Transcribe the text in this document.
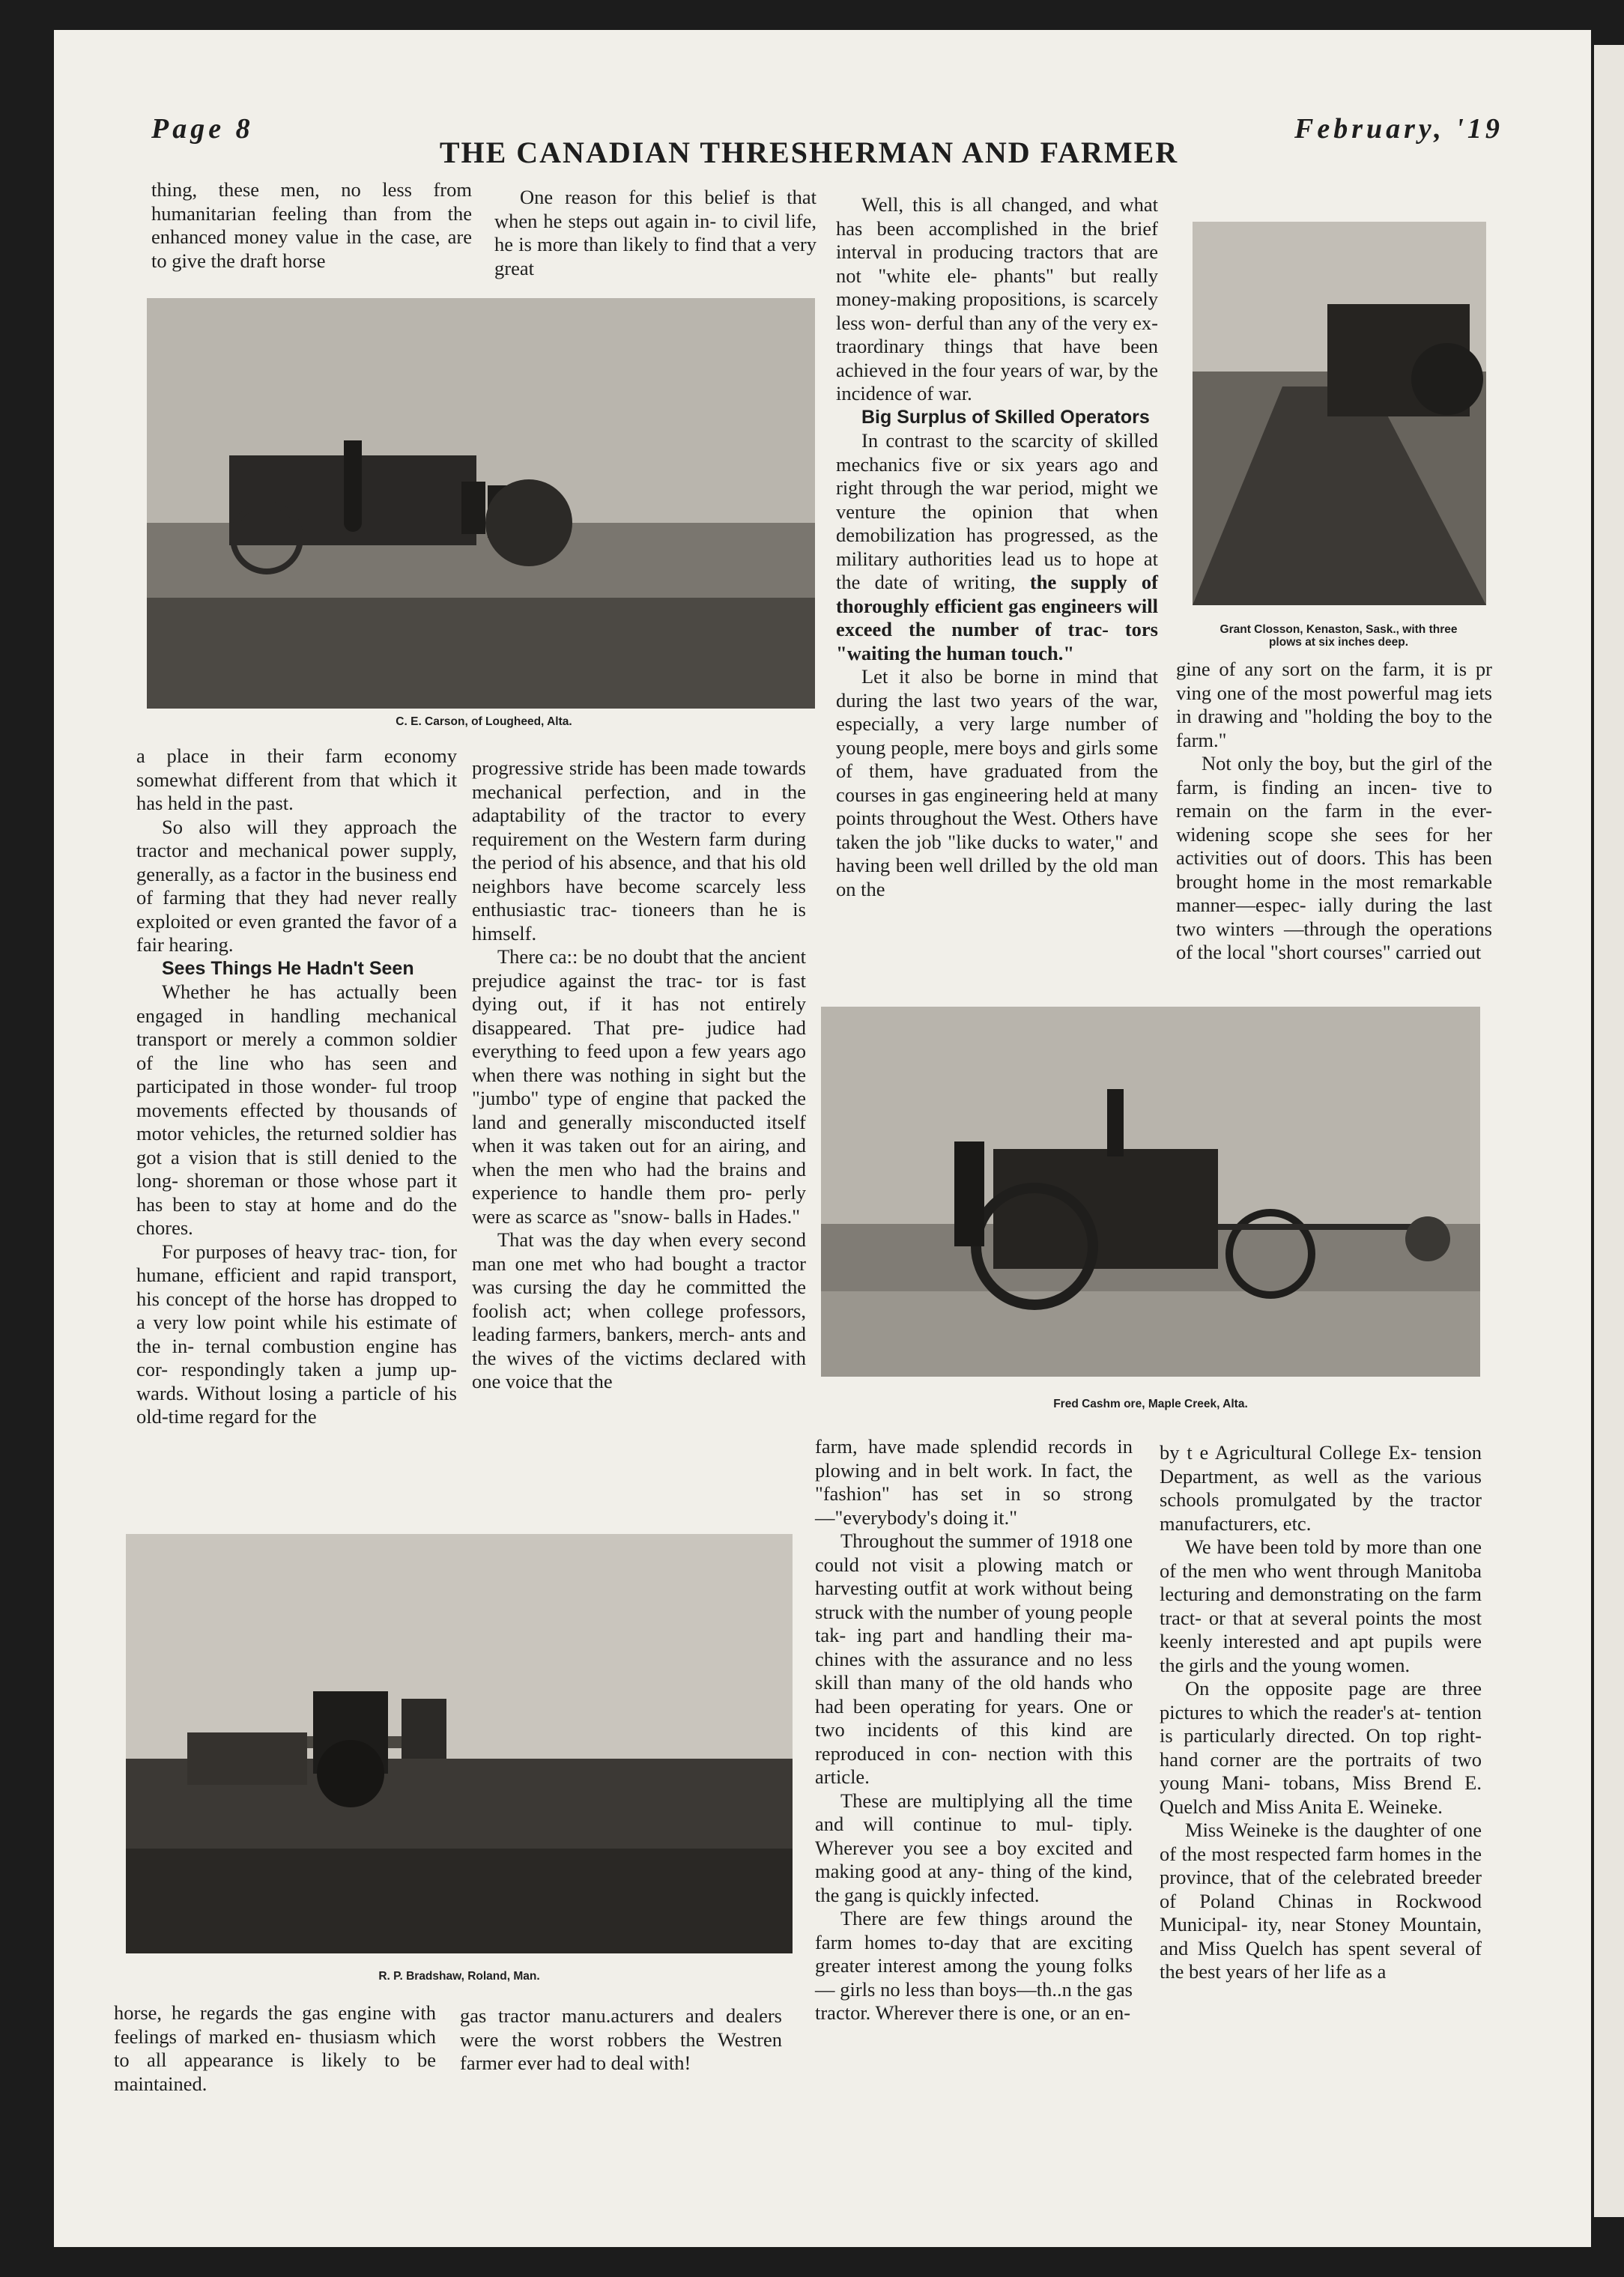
Page 8
THE CANADIAN THRESHERMAN AND FARMER
February, '19

thing, these men, no less from humanitarian feeling than from the enhanced money value in the case, are to give the draft horse

One reason for this belief is that when he steps out again in- to civil life, he is more than likely to find that a very great

Well, this is all changed, and what has been accomplished in the brief interval in producing tractors that are not "white ele- phants" but really money-making propositions, is scarcely less won- derful than any of the very ex- traordinary things that have been achieved in the four years of war, by the incidence of war.

Big Surplus of Skilled Operators

In contrast to the scarcity of skilled mechanics five or six years ago and right through the war period, might we venture the opinion that when demobilization has progressed, as the military authorities lead us to hope at the date of writing, the supply of thoroughly efficient gas engineers will exceed the number of trac- tors "waiting the human touch."

Let it also be borne in mind that during the last two years of the war, especially, a very large number of young people, mere boys and girls some of them, have graduated from the courses in gas engineering held at many points throughout the West. Others have taken the job "like ducks to water," and having been well drilled by the old man on the

gine of any sort on the farm, it is pr ving one of the most powerful mag iets in drawing and "holding the boy to the farm."

Not only the boy, but the girl of the farm, is finding an incen- tive to remain on the farm in the ever-widening scope she sees for her activities out of doors. This has been brought home in the most remarkable manner—espec- ially during the last two winters —through the operations of the local "short courses" carried out

C. E. Carson, of Lougheed, Alta.
Grant Closson, Kenaston, Sask., with three
plows at six inches deep.

a place in their farm economy somewhat different from that which it has held in the past.

So also will they approach the tractor and mechanical power supply, generally, as a factor in the business end of farming that they had never really exploited or even granted the favor of a fair hearing.

Sees Things He Hadn't Seen

Whether he has actually been engaged in handling mechanical transport or merely a common soldier of the line who has seen and participated in those wonder- ful troop movements effected by thousands of motor vehicles, the returned soldier has got a vision that is still denied to the long- shoreman or those whose part it has been to stay at home and do the chores.

For purposes of heavy trac- tion, for humane, efficient and rapid transport, his concept of the horse has dropped to a very low point while his estimate of the in- ternal combustion engine has cor- respondingly taken a jump up- wards. Without losing a particle of his old-time regard for the

progressive stride has been made towards mechanical perfection, and in the adaptability of the tractor to every requirement on the Western farm during the period of his absence, and that his old neighbors have become scarcely less enthusiastic trac- tioneers than he is himself.

There ca:: be no doubt that the ancient prejudice against the trac- tor is fast dying out, if it has not entirely disappeared. That pre- judice had everything to feed upon a few years ago when there was nothing in sight but the "jumbo" type of engine that packed the land and generally misconducted itself when it was taken out for an airing, and when the men who had the brains and experience to handle them pro- perly were as scarce as "snow- balls in Hades."

That was the day when every second man one met who had bought a tractor was cursing the day he committed the foolish act; when college professors, leading farmers, bankers, merch- ants and the wives of the victims declared with one voice that the

Fred Cashm ore, Maple Creek, Alta.
R. P. Bradshaw, Roland, Man.

farm, have made splendid records in plowing and in belt work. In fact, the "fashion" has set in so strong—"everybody's doing it."

Throughout the summer of 1918 one could not visit a plowing match or harvesting outfit at work without being struck with the number of young people tak- ing part and handling their ma- chines with the assurance and no less skill than many of the old hands who had been operating for years. One or two incidents of this kind are reproduced in con- nection with this article.

These are multiplying all the time and will continue to mul- tiply. Wherever you see a boy excited and making good at any- thing of the kind, the gang is quickly infected.

There are few things around the farm homes to-day that are exciting greater interest among the young folks — girls no less than boys—th..n the gas tractor. Wherever there is one, or an en-

by t e Agricultural College Ex- tension Department, as well as the various schools promulgated by the tractor manufacturers, etc.

We have been told by more than one of the men who went through Manitoba lecturing and demonstrating on the farm tract- or that at several points the most keenly interested and apt pupils were the girls and the young women.

On the opposite page are three pictures to which the reader's at- tention is particularly directed. On top right-hand corner are the portraits of two young Mani- tobans, Miss Brend E. Quelch and Miss Anita E. Weineke.

Miss Weineke is the daughter of one of the most respected farm homes in the province, that of the celebrated breeder of Poland Chinas in Rockwood Municipal- ity, near Stoney Mountain, and Miss Quelch has spent several of the best years of her life as a

horse, he regards the gas engine with feelings of marked en- thusiasm which to all appearance is likely to be maintained.

gas tractor manu.acturers and dealers were the worst robbers the Westren farmer ever had to deal with!
